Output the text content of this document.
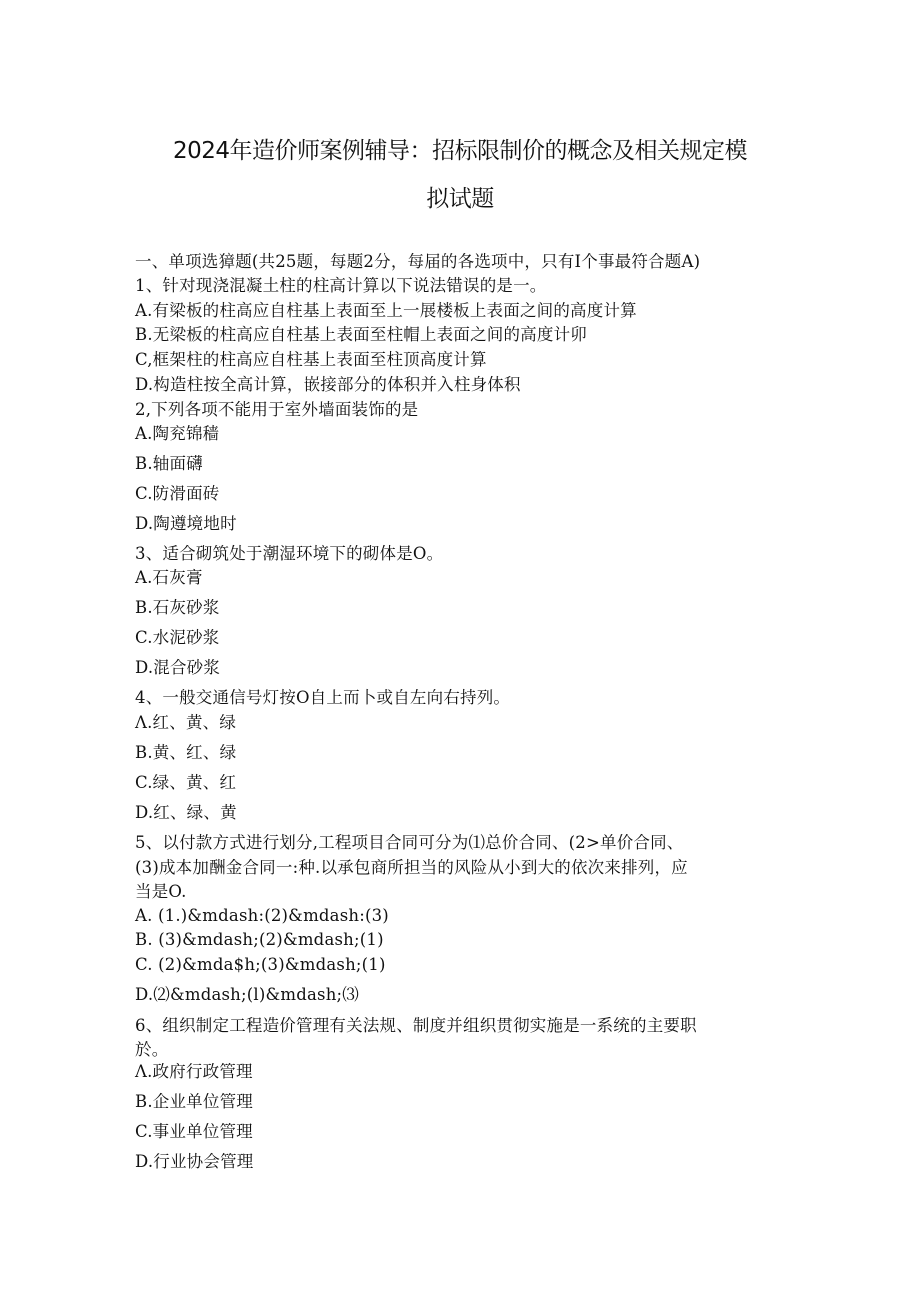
2024年造价师案例辅导：招标限制价的概念及相关规定模
拟试题
一、单项选獐题(共25题，每题2分，每届的各选项中，只有I个事最符合题A)
1、针对现浇混凝土柱的柱高计算以下说法错误的是一。
A.有梁板的柱高应自柱基上表面至上一展楼板上表面之间的高度计算
B.无梁板的柱高应自柱基上表面至柱帽上表面之间的高度计卯
C,框架柱的柱高应自柱基上表面至柱顶高度计算
D.构造柱按全高计算，嵌接部分的体积并入柱身体积
2,下列各项不能用于室外墙面装饰的是
A.陶兖锦穑
B.轴面礴
C.防滑面砖
D.陶遵境地时
3、适合砌筑处于潮湿环境下的砌体是O。
A.石灰膏
B.石灰砂浆
C.水泥砂浆
D.混合砂浆
4、一般交通信号灯按O自上而卜或自左向右持列。
Λ.红、黄、绿
B.黄、红、绿
C.绿、黄、红
D.红、绿、黄
5、以付款方式进行划分,工程项目合同可分为⑴总价合同、(2>单价合同、
(3)成本加酬金合同一:种.以承包商所担当的风险从小到大的依次来排列，应
当是O.
A. (1.)&mdash:(2)&mdash:(3)
B. (3)&mdash;(2)&mdash;(1)
C. (2)&mda$h;(3)&mdash;(1)
D.⑵&mdash;(l)&mdash;⑶
6、组织制定工程造价管理有关法规、制度并组织贯彻实施是一系统的主要职
於。
Λ.政府行政管理
B.企业单位管理
C.事业单位管理
D.行业协会管理
